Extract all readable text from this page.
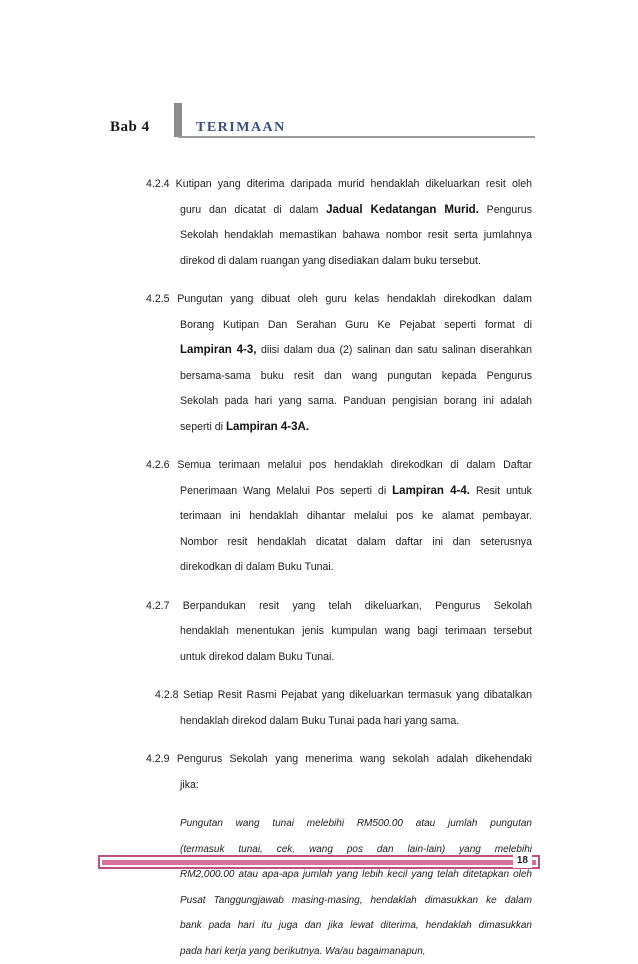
Bab 4	TERIMAAN
4.2.4 Kutipan yang diterima daripada murid hendaklah dikeluarkan resit oleh
guru dan dicatat di dalam Jadual Kedatangan Murid. Pengurus
Sekolah hendaklah memastikan bahawa nombor resit serta jumlahnya
direkod di dalam ruangan yang disediakan dalam buku tersebut.
4.2.5 Pungutan yang dibuat oleh guru kelas hendaklah direkodkan dalam
Borang Kutipan Dan Serahan Guru Ke Pejabat seperti format di
Lampiran 4-3, diisi dalam dua (2) salinan dan satu salinan diserahkan
bersama-sama buku resit dan wang pungutan kepada Pengurus
Sekolah pada hari yang sama. Panduan pengisian borang ini adalah
seperti di Lampiran 4-3A.
4.2.6 Semua terimaan melalui pos hendaklah direkodkan di dalam Daftar
Penerimaan Wang Melalui Pos seperti di Lampiran 4-4. Resit untuk
terimaan ini hendaklah dihantar melalui pos ke alamat pembayar.
Nombor resit hendaklah dicatat dalam daftar ini dan seterusnya
direkodkan di dalam Buku Tunai.
4.2.7 Berpandukan resit yang telah dikeluarkan, Pengurus Sekolah
hendaklah menentukan jenis kumpulan wang bagi terimaan tersebut
untuk direkod dalam Buku Tunai.
4.2.8 Setiap Resit Rasmi Pejabat yang dikeluarkan termasuk yang dibatalkan
hendaklah direkod dalam Buku Tunai pada hari yang sama.
4.2.9 Pengurus Sekolah yang menerima wang sekolah adalah dikehendaki
jika:
Pungutan wang tunai melebihi RM500.00 atau jumlah pungutan
(termasuk tunai, cek, wang pos dan lain-lain) yang melebihi
RM2,000.00 atau apa-apa jumlah yang lebih kecil yang telah ditetapkan oleh
Pusat Tanggungjawab masing-masing, hendaklah dimasukkan ke dalam
bank pada hari itu juga dan jika lewat diterima, hendaklah dimasukkan
pada hari kerja yang berikutnya. Wa/au bagaimanapun,
18
